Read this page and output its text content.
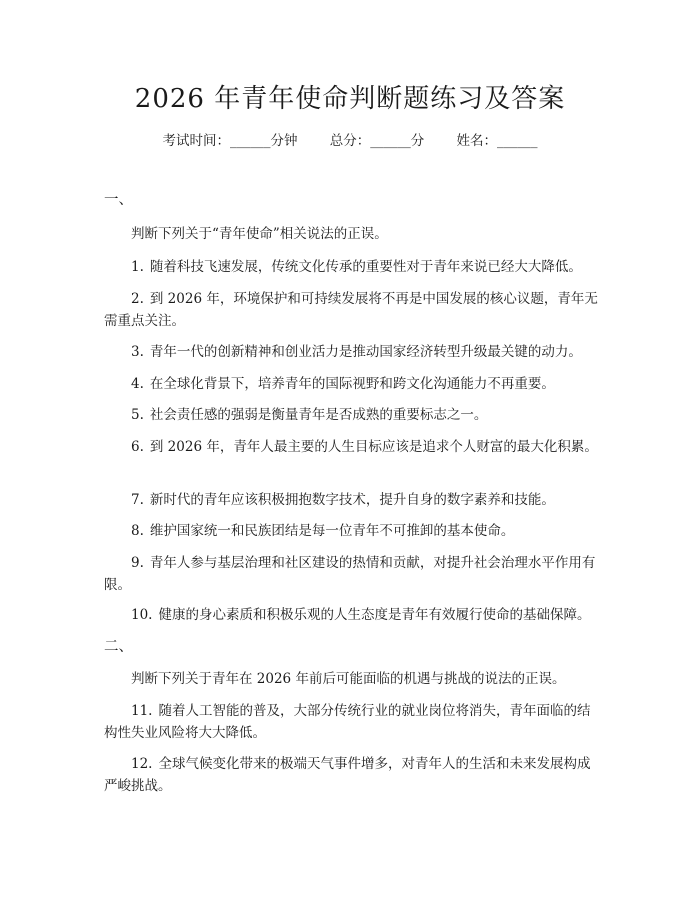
2026 年青年使命判断题练习及答案
考试时间：______分钟 总分：______分 姓名：______
一、
判断下列关于“青年使命”相关说法的正误。
1. 随着科技飞速发展，传统文化传承的重要性对于青年来说已经大大降低。
2. 到 2026 年，环境保护和可持续发展将不再是中国发展的核心议题，青年无需重点关注。
3. 青年一代的创新精神和创业活力是推动国家经济转型升级最关键的动力。
4. 在全球化背景下，培养青年的国际视野和跨文化沟通能力不再重要。
5. 社会责任感的强弱是衡量青年是否成熟的重要标志之一。
6. 到 2026 年，青年人最主要的人生目标应该是追求个人财富的最大化积累。
7. 新时代的青年应该积极拥抱数字技术，提升自身的数字素养和技能。
8. 维护国家统一和民族团结是每一位青年不可推卸的基本使命。
9. 青年人参与基层治理和社区建设的热情和贡献，对提升社会治理水平作用有限。
10. 健康的身心素质和积极乐观的人生态度是青年有效履行使命的基础保障。
二、
判断下列关于青年在 2026 年前后可能面临的机遇与挑战的说法的正误。
11. 随着人工智能的普及，大部分传统行业的就业岗位将消失，青年面临的结构性失业风险将大大降低。
12. 全球气候变化带来的极端天气事件增多，对青年人的生活和未来发展构成严峻挑战。
